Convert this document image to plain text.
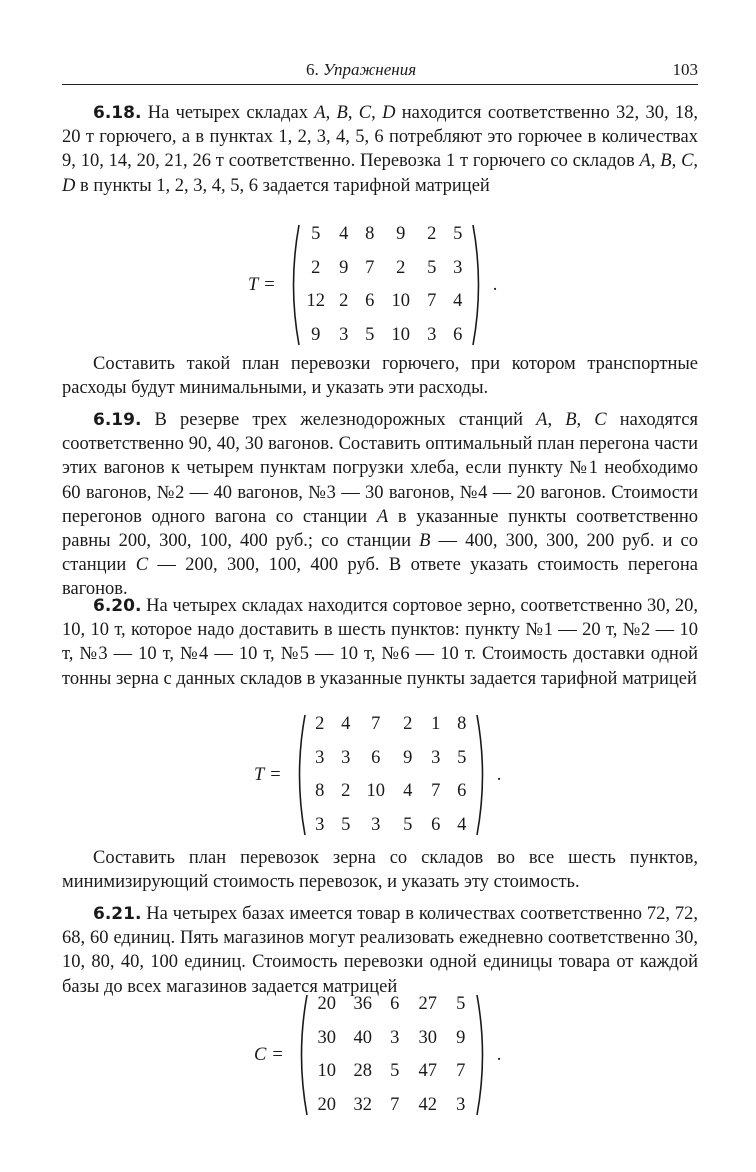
6. Упражнения	103

6.18. На четырех складах A, B, C, D находится соответственно 32, 30, 18, 20 т горючего, а в пунктах 1, 2, 3, 4, 5, 6 потребляют это горючее в количествах 9, 10, 14, 20, 21, 26 т соответственно. Перевозка 1 т горючего со складов A, B, C, D в пункты 1, 2, 3, 4, 5, 6 задается тарифной матрицей

T =
5	4	8	9	2	5
2	9	7	2	5	3
12	2	6	10	7	4
9	3	5	10	3	6
.

Составить такой план перевозки горючего, при котором транспортные расходы будут минимальными, и указать эти расходы.

6.19. В резерве трех железнодорожных станций A, B, C находятся соответственно 90, 40, 30 вагонов. Составить оптимальный план перегона части этих вагонов к четырем пунктам погрузки хлеба, если пункту №1 необходимо 60 вагонов, №2 — 40 вагонов, №3 — 30 вагонов, №4 — 20 вагонов. Стоимости перегонов одного вагона со станции A в указанные пункты соответственно равны 200, 300, 100, 400 руб.; со станции B — 400, 300, 300, 200 руб. и со станции C — 200, 300, 100, 400 руб. В ответе указать стоимость перегона вагонов.

6.20. На четырех складах находится сортовое зерно, соответственно 30, 20, 10, 10 т, которое надо доставить в шесть пунктов: пункту №1 — 20 т, №2 — 10 т, №3 — 10 т, №4 — 10 т, №5 — 10 т, №6 — 10 т. Стоимость доставки одной тонны зерна с данных складов в указанные пункты задается тарифной матрицей

T =
2	4	7	2	1	8
3	3	6	9	3	5
8	2	10	4	7	6
3	5	3	5	6	4
.

Составить план перевозок зерна со складов во все шесть пунктов, минимизирующий стоимость перевозок, и указать эту стоимость.

6.21. На четырех базах имеется товар в количествах соответственно 72, 72, 68, 60 единиц. Пять магазинов могут реализовать ежедневно соответственно 30, 10, 80, 40, 100 единиц. Стоимость перевозки одной единицы товара от каждой базы до всех магазинов задается матрицей

C =
20	36	6	27	5
30	40	3	30	9
10	28	5	47	7
20	32	7	42	3
.
